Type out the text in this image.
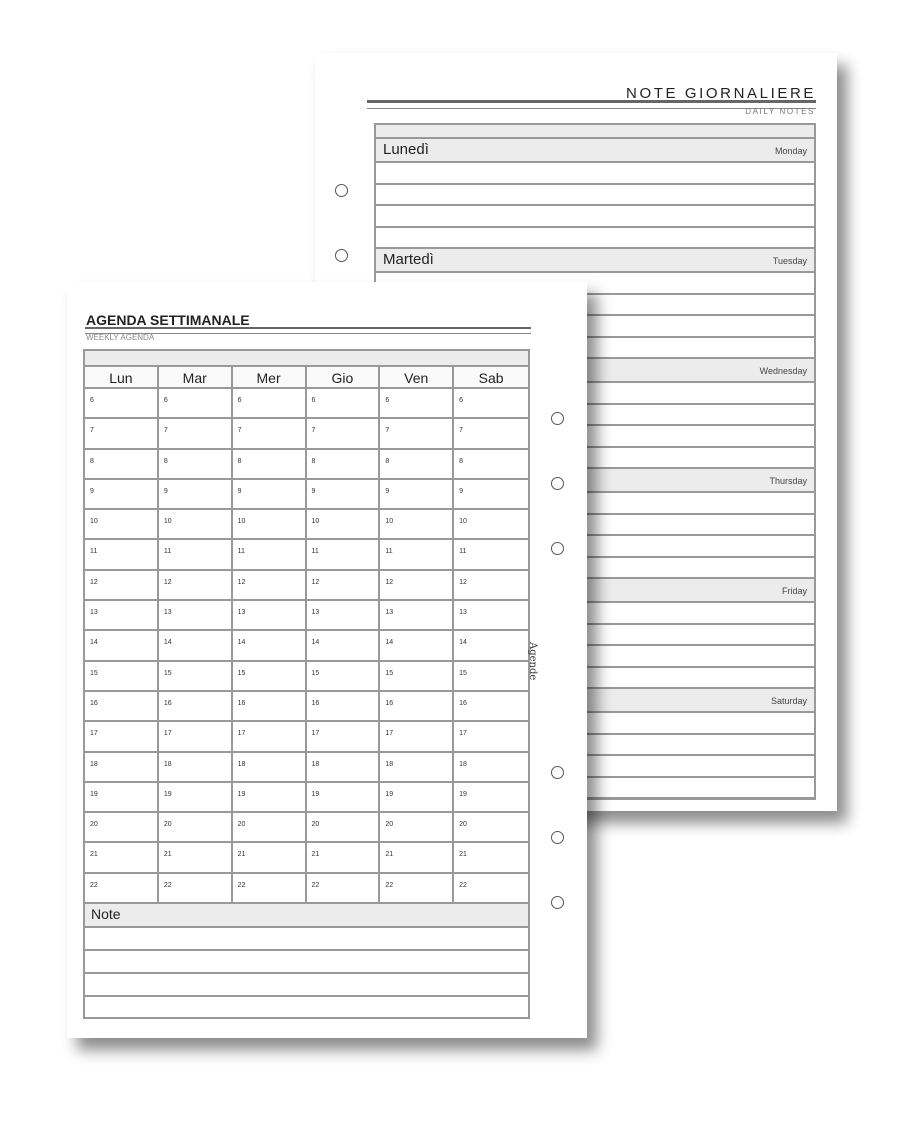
NOTE GIORNALIERE
DAILY NOTES
Lunedì	Monday
Martedì	Tuesday
Wednesday
Thursday
Friday
Saturday
AGENDA SETTIMANALE
WEEKLY AGENDA
Lun	Mar	Mer	Gio	Ven	Sab
6	6	6	6	6	6
7	7	7	7	7	7
8	8	8	8	8	8
9	9	9	9	9	9
10	10	10	10	10	10
11	11	11	11	11	11
12	12	12	12	12	12
13	13	13	13	13	13
14	14	14	14	14	14
15	15	15	15	15	15
16	16	16	16	16	16
17	17	17	17	17	17
18	18	18	18	18	18
19	19	19	19	19	19
20	20	20	20	20	20
21	21	21	21	21	21
22	22	22	22	22	22
Note
Agende
